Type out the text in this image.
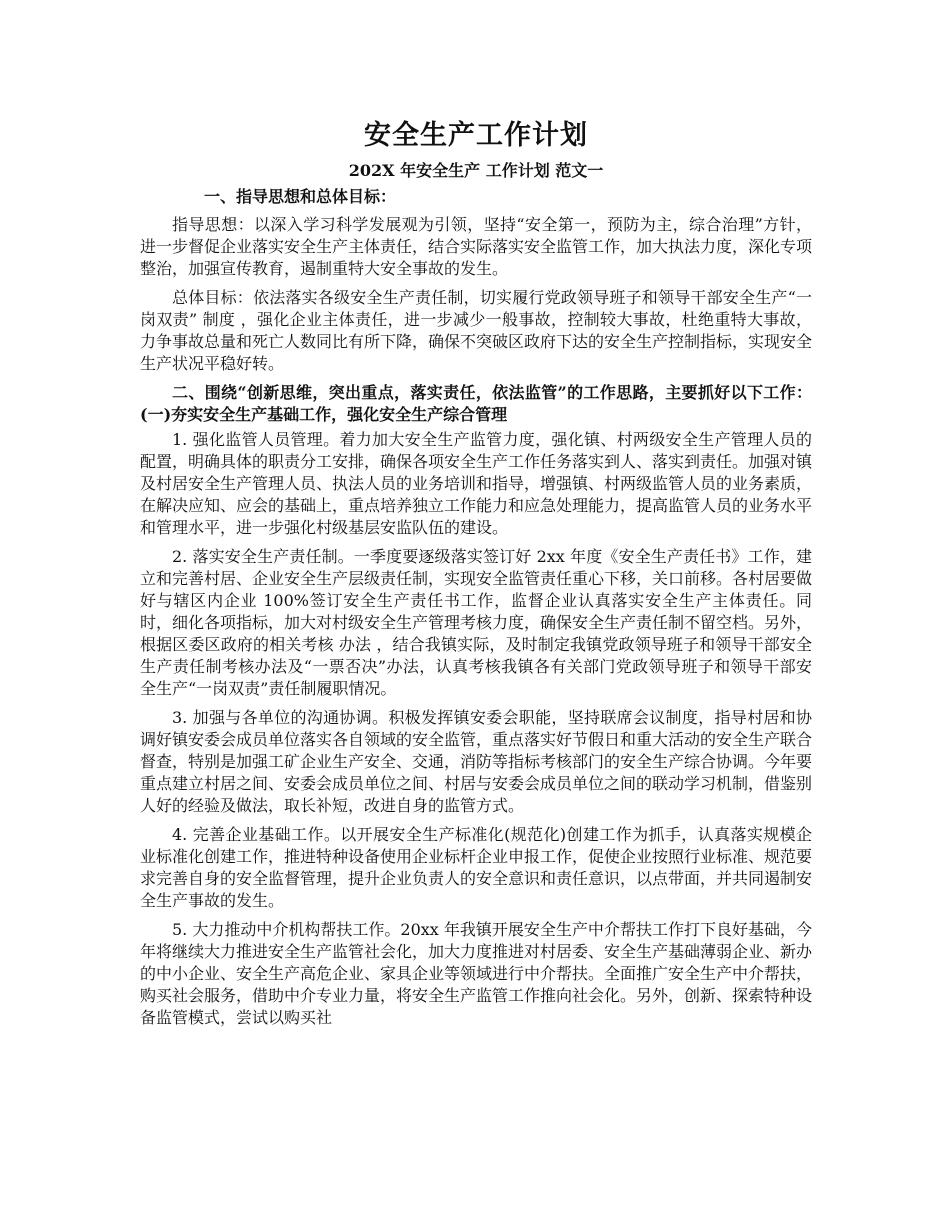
安全生产工作计划
202X 年安全生产 工作计划 范文一
一、指导思想和总体目标：

指导思想：以深入学习科学发展观为引领，坚持“安全第一，预防为主，综合治理”方针，进一步督促企业落实安全生产主体责任，结合实际落实安全监管工作，加大执法力度，深化专项整治，加强宣传教育，遏制重特大安全事故的发生。

总体目标：依法落实各级安全生产责任制，切实履行党政领导班子和领导干部安全生产“一岗双责” 制度 ，强化企业主体责任，进一步减少一般事故，控制较大事故，杜绝重特大事故，力争事故总量和死亡人数同比有所下降，确保不突破区政府下达的安全生产控制指标，实现安全生产状况平稳好转。

二、围绕“创新思维，突出重点，落实责任，依法监管”的工作思路，主要抓好以下工作： (一)夯实安全生产基础工作，强化安全生产综合管理

1. 强化监管人员管理。着力加大安全生产监管力度，强化镇、村两级安全生产管理人员的配置，明确具体的职责分工安排，确保各项安全生产工作任务落实到人、落实到责任。加强对镇及村居安全生产管理人员、执法人员的业务培训和指导，增强镇、村两级监管人员的业务素质，在解决应知、应会的基础上，重点培养独立工作能力和应急处理能力，提高监管人员的业务水平和管理水平，进一步强化村级基层安监队伍的建设。

2. 落实安全生产责任制。一季度要逐级落实签订好 2xx 年度《安全生产责任书》工作，建立和完善村居、企业安全生产层级责任制，实现安全监管责任重心下移，关口前移。各村居要做好与辖区内企业 100%签订安全生产责任书工作，监督企业认真落实安全生产主体责任。同时，细化各项指标，加大对村级安全生产管理考核力度，确保安全生产责任制不留空档。另外，根据区委区政府的相关考核 办法 ，结合我镇实际，及时制定我镇党政领导班子和领导干部安全生产责任制考核办法及“一票否决”办法，认真考核我镇各有关部门党政领导班子和领导干部安全生产“一岗双责”责任制履职情况。

3. 加强与各单位的沟通协调。积极发挥镇安委会职能，坚持联席会议制度，指导村居和协调好镇安委会成员单位落实各自领域的安全监管，重点落实好节假日和重大活动的安全生产联合督查，特别是加强工矿企业生产安全、交通，消防等指标考核部门的安全生产综合协调。今年要重点建立村居之间、安委会成员单位之间、村居与安委会成员单位之间的联动学习机制，借鉴别人好的经验及做法，取长补短，改进自身的监管方式。

4. 完善企业基础工作。以开展安全生产标准化(规范化)创建工作为抓手，认真落实规模企业标准化创建工作，推进特种设备使用企业标杆企业申报工作，促使企业按照行业标准、规范要求完善自身的安全监督管理，提升企业负责人的安全意识和责任意识，以点带面，并共同遏制安全生产事故的发生。

5. 大力推动中介机构帮扶工作。20xx 年我镇开展安全生产中介帮扶工作打下良好基础，今年将继续大力推进安全生产监管社会化，加大力度推进对村居委、安全生产基础薄弱企业、新办的中小企业、安全生产高危企业、家具企业等领域进行中介帮扶。全面推广安全生产中介帮扶，购买社会服务，借助中介专业力量，将安全生产监管工作推向社会化。另外，创新、探索特种设备监管模式，尝试以购买社
